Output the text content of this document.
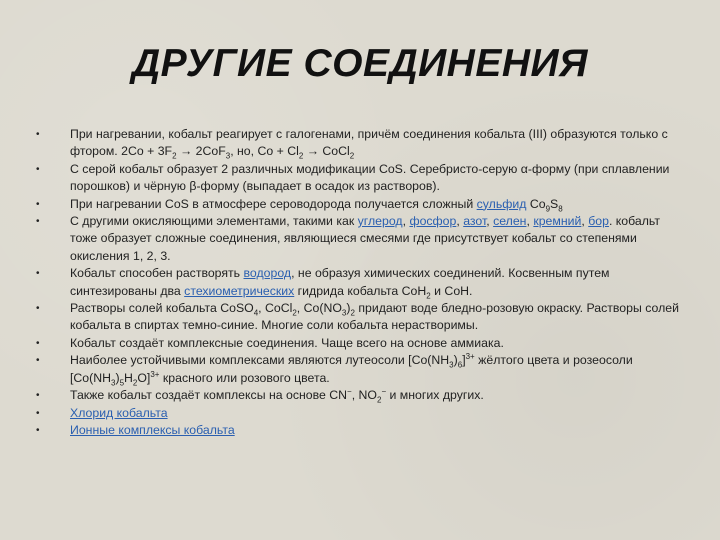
ДРУГИЕ СОЕДИНЕНИЯ
•	При нагревании, кобальт реагирует с галогенами, причём соединения кобальта (III) образуются только с фтором. $2Co + 3F_2 \to 2CoF_3$, но, $Co + Cl_2$ → CoCl$_2$
•	С серой кобальт образует 2 различных модификации CoS. Серебристо-серую α-форму (при сплавлении порошков) и чёрную β-форму (выпадает в осадок из растворов).
•	При нагревании CoS в атмосфере сероводорода получается сложный сульфид $Co_9S_8$
•	С другими окисляющими элементами, такими как углерод, фосфор, азот, селен, кремний, бор. кобальт тоже образует сложные соединения, являющиеся смесями где присутствует кобальт со степенями окисления 1, 2, 3.
•	Кобальт способен растворять водород, не образуя химических соединений. Косвенным путем синтезированы два стехиометрических гидрида кобальта CoH$_2$ и CoH.
•	Растворы солей кобальта CoSO$_4$, CoCl$_2$, $Co(NO_3)_2$ придают воде бледно-розовую окраску. Растворы солей кобальта в спиртах темно-синие. Многие соли кобальта нерастворимы.
•	Кобальт создаёт комплексные соединения. Чаще всего на основе аммиака.
•	Наиболее устойчивыми комплексами являются лутеосоли $[Co(NH_3)_6]^{3+}$ жёлтого цвета и розеосоли $[Co(NH_3)_5H_2O]^{3+}$ красного или розового цвета.
•	Также кобальт создаёт комплексы на основе CN−, $NO_2^-$ и многих других.
•	Хлорид кобальта
•	Ионные комплексы кобальта
